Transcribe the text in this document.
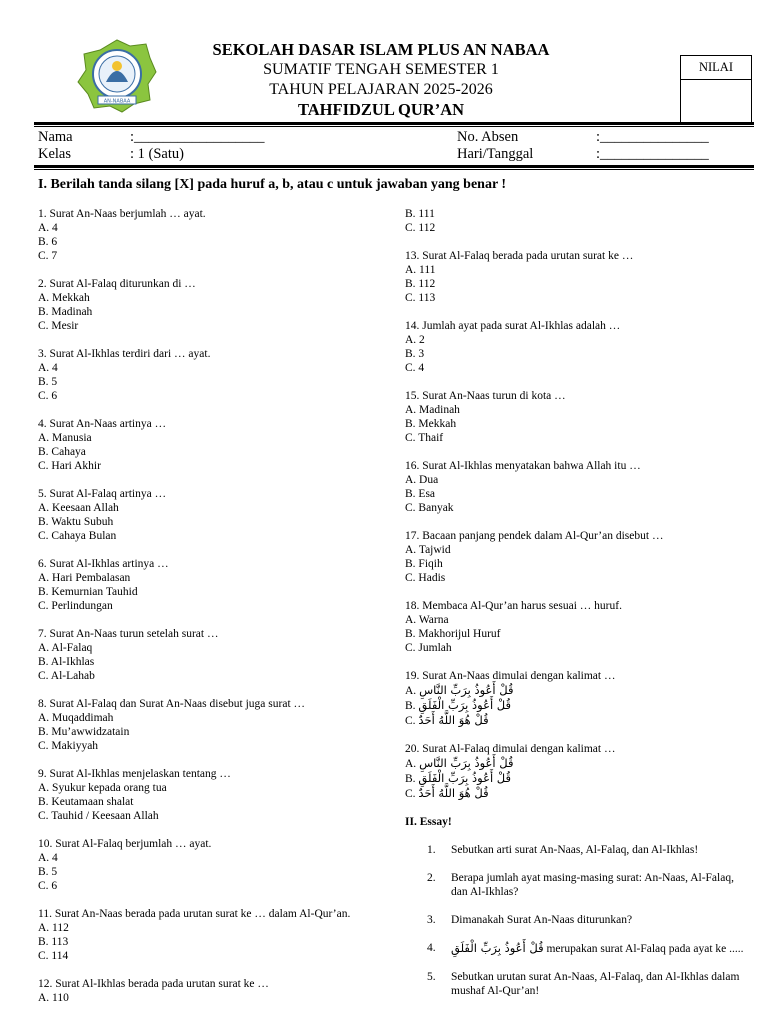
AN-NABAA
SEKOLAH DASAR ISLAM PLUS AN NABAA
SUMATIF TENGAH SEMESTER 1
TAHUN PELAJARAN 2025-2026
TAHFIDZUL QUR’AN
NILAI
Nama	:__________________
Kelas	: 1 (Satu)
No. Absen	:_______________
Hari/Tanggal	:_______________
I. Berilah tanda silang [X] pada huruf a, b, atau c untuk jawaban yang benar !
1. Surat An-Naas berjumlah … ayat.
A. 4
B. 6
C. 7
2. Surat Al-Falaq diturunkan di …
A. Mekkah
B. Madinah
C. Mesir
3. Surat Al-Ikhlas terdiri dari … ayat.
A. 4
B. 5
C. 6
4. Surat An-Naas artinya …
A. Manusia
B. Cahaya
C. Hari Akhir
5. Surat Al-Falaq artinya …
A. Keesaan Allah
B. Waktu Subuh
C. Cahaya Bulan
6. Surat Al-Ikhlas artinya …
A. Hari Pembalasan
B. Kemurnian Tauhid
C. Perlindungan
7. Surat An-Naas turun setelah surat …
A. Al-Falaq
B. Al-Ikhlas
C. Al-Lahab
8. Surat Al-Falaq dan Surat An-Naas disebut juga surat …
A. Muqaddimah
B. Mu’awwidzatain
C. Makiyyah
9. Surat Al-Ikhlas menjelaskan tentang …
A. Syukur kepada orang tua
B. Keutamaan shalat
C. Tauhid / Keesaan Allah
10. Surat Al-Falaq berjumlah … ayat.
A. 4
B. 5
C. 6
11. Surat An-Naas berada pada urutan surat ke … dalam Al-Qur’an.
A. 112
B. 113
C. 114
12. Surat Al-Ikhlas berada pada urutan surat ke …
A. 110
B. 111
C. 112
13. Surat Al-Falaq berada pada urutan surat ke …
A. 111
B. 112
C. 113
14. Jumlah ayat pada surat Al-Ikhlas adalah …
A. 2
B. 3
C. 4
15. Surat An-Naas turun di kota …
A. Madinah
B. Mekkah
C. Thaif
16. Surat Al-Ikhlas menyatakan bahwa Allah itu …
A. Dua
B. Esa
C. Banyak
17. Bacaan panjang pendek dalam Al-Qur’an disebut …
A. Tajwid
B. Fiqih
C. Hadis
18. Membaca Al-Qur’an harus sesuai … huruf.
A. Warna
B. Makhorijul Huruf
C. Jumlah
19. Surat An-Naas dimulai dengan kalimat …
A. قُلْ أَعُوذُ بِرَبِّ النَّاسِ
B. قُلْ أَعُوذُ بِرَبِّ الْفَلَقِ
C. قُلْ هُوَ اللَّهُ أَحَدٌ
20. Surat Al-Falaq dimulai dengan kalimat …
A. قُلْ أَعُوذُ بِرَبِّ النَّاسِ
B. قُلْ أَعُوذُ بِرَبِّ الْفَلَقِ
C. قُلْ هُوَ اللَّهُ أَحَدٌ
II. Essay!
1. Sebutkan arti surat An-Naas, Al-Falaq, dan Al-Ikhlas!
2. Berapa jumlah ayat masing-masing surat: An-Naas, Al-Falaq, dan Al-Ikhlas?
3. Dimanakah Surat An-Naas diturunkan?
4. قُلْ أَعُوذُ بِرَبِّ الْفَلَقِ merupakan surat Al-Falaq pada ayat ke .....
5. Sebutkan urutan surat An-Naas, Al-Falaq, dan Al-Ikhlas dalam mushaf Al-Qur’an!
